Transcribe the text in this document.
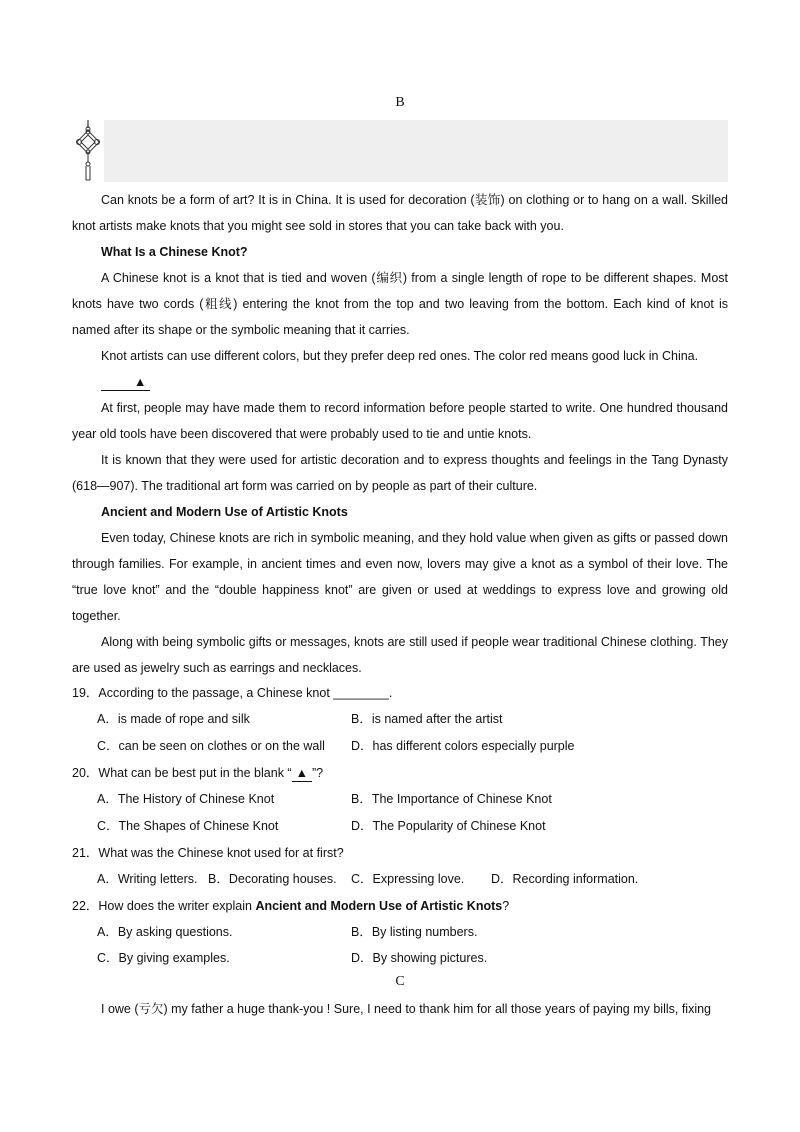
B
Can knots be a form of art? It is in China. It is used for decoration (装饰) on clothing or to hang on a wall. Skilled knot artists make knots that you might see sold in stores that you can take back with you.
What Is a Chinese Knot?
A Chinese knot is a knot that is tied and woven (编织) from a single length of rope to be different shapes. Most knots have two cords (粗线) entering the knot from the top and two leaving from the bottom. Each kind of knot is named after its shape or the symbolic meaning that it carries.
Knot artists can use different colors, but they prefer deep red ones. The color red means good luck in China.
▲
At first, people may have made them to record information before people started to write. One hundred thousand year old tools have been discovered that were probably used to tie and untie knots.
It is known that they were used for artistic decoration and to express thoughts and feelings in the Tang Dynasty (618—907). The traditional art form was carried on by people as part of their culture.
Ancient and Modern Use of Artistic Knots
Even today, Chinese knots are rich in symbolic meaning, and they hold value when given as gifts or passed down through families. For example, in ancient times and even now, lovers may give a knot as a symbol of their love. The “true love knot” and the “double happiness knot” are given or used at weddings to express love and growing old together.
Along with being symbolic gifts or messages, knots are still used if people wear traditional Chinese clothing. They are used as jewelry such as earrings and necklaces.
19．According to the passage, a Chinese knot ________.
A．is made of rope and silk	B．is named after the artist
C．can be seen on clothes or on the wall D．has different colors especially purple
20．What can be best put in the blank “ ▲ ”?
A．The History of Chinese Knot	B．The Importance of Chinese Knot
C．The Shapes of Chinese Knot	D．The Popularity of Chinese Knot
21．What was the Chinese knot used for at first?
A．Writing letters. B．Decorating houses. C．Expressing love. D．Recording information.
22．How does the writer explain Ancient and Modern Use of Artistic Knots?
A．By asking questions.	B．By listing numbers.
C．By giving examples.	D．By showing pictures.
C
I owe (亏欠) my father a huge thank-you ! Sure, I need to thank him for all those years of paying my bills, fixing
